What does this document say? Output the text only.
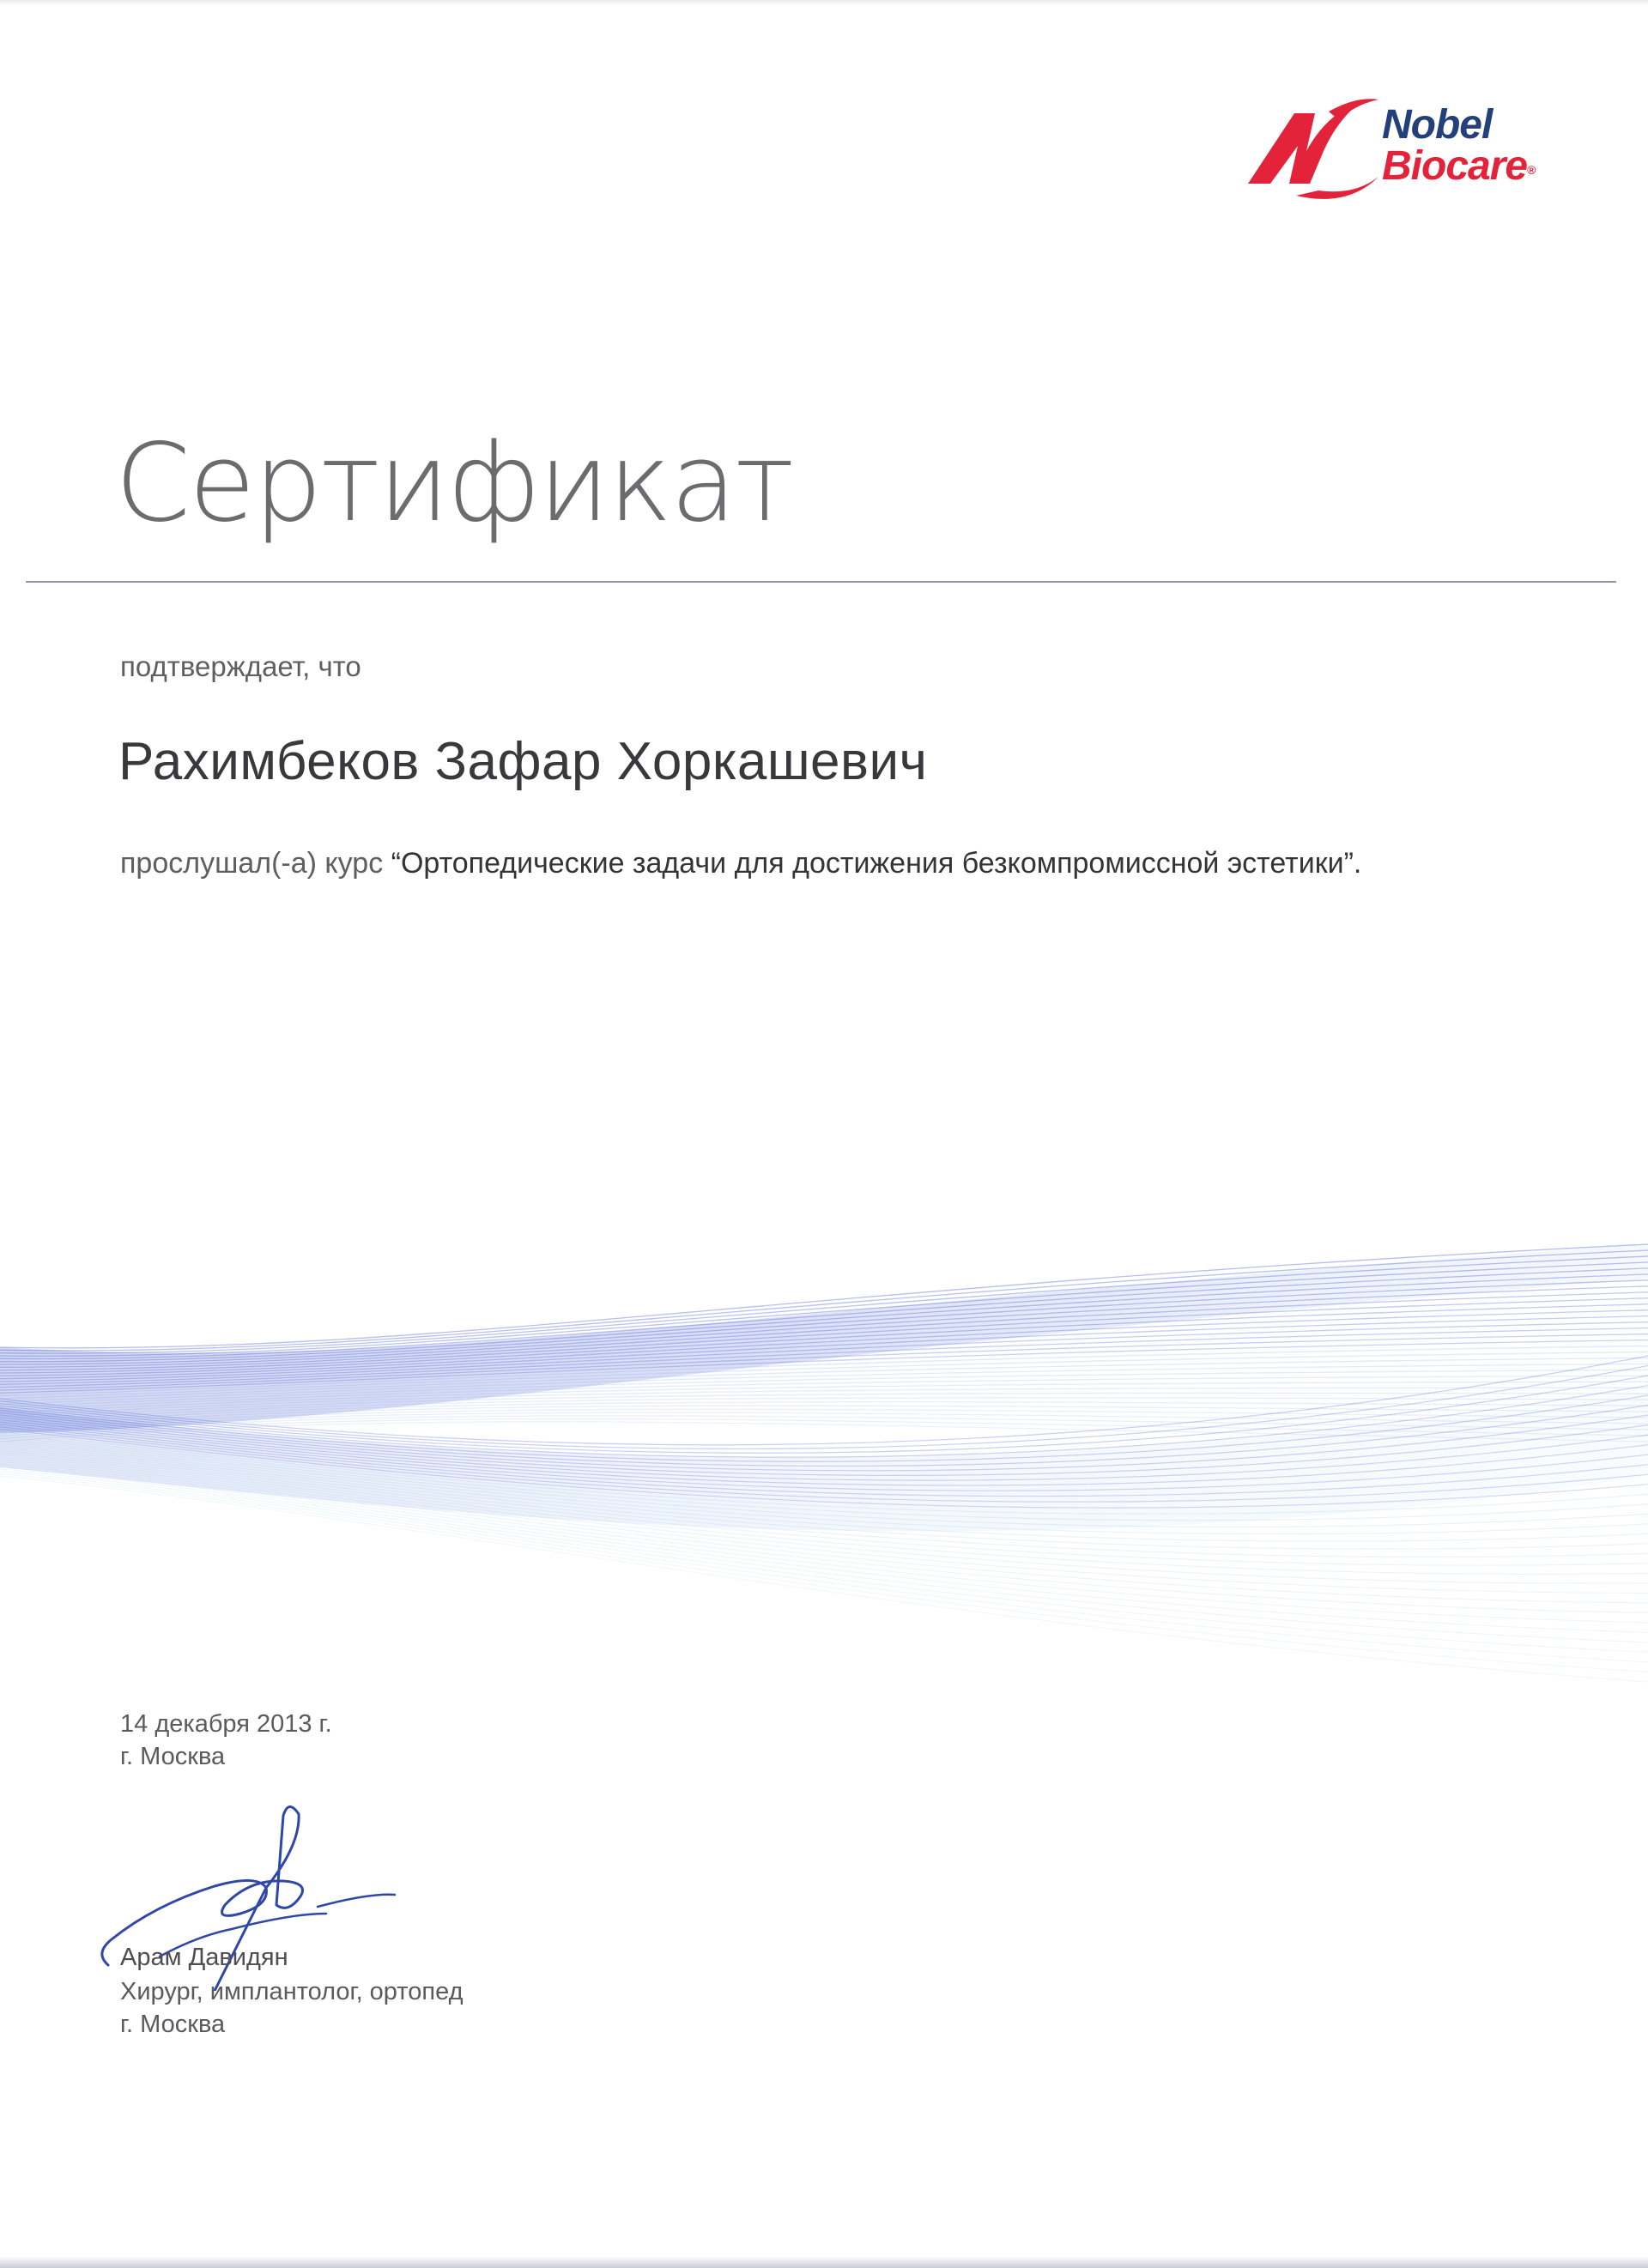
Nobel
Biocare®
Сертификат
подтверждает, что
Рахимбеков Зафар Хоркашевич
прослушал(-а) курс “Ортопедические задачи для достижения безкомпромиссной эстетики”.
14 декабря 2013 г.
г. Москва
Арам Давидян
Хирург, имплантолог, ортопед
г. Москва
